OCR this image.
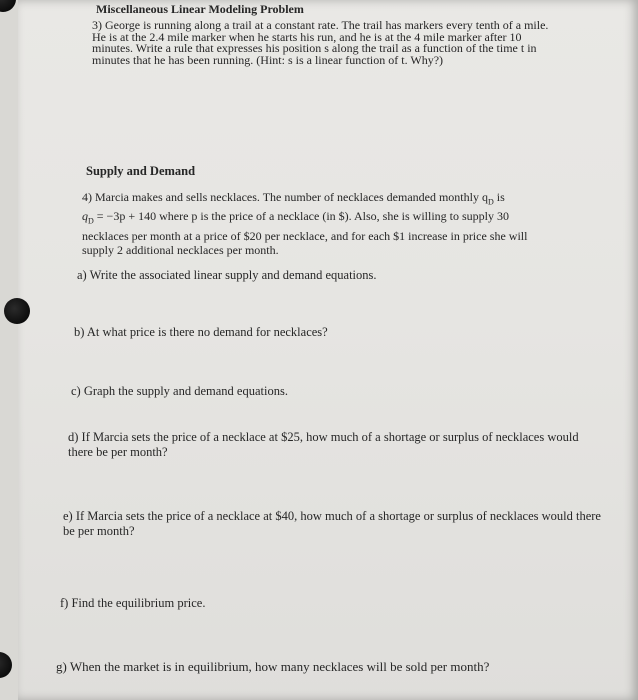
Miscellaneous Linear Modeling Problem

3) George is running along a trail at a constant rate. The trail has markers every tenth of a mile. He is at the 2.4 mile marker when he starts his run, and he is at the 4 mile marker after 10 minutes. Write a rule that expresses his position s along the trail as a function of the time t in minutes that he has been running. (Hint: s is a linear function of t. Why?)

Supply and Demand

4) Marcia makes and sells necklaces. The number of necklaces demanded monthly $q_D$ is
$q_D = -3p + 140$ where p is the price of a necklace (in $). Also, she is willing to supply 30 necklaces per month at a price of $20 per necklace, and for each $1 increase in price she will supply 2 additional necklaces per month.

a) Write the associated linear supply and demand equations.

b) At what price is there no demand for necklaces?

c) Graph the supply and demand equations.

d) If Marcia sets the price of a necklace at $25, how much of a shortage or surplus of necklaces would there be per month?

e) If Marcia sets the price of a necklace at $40, how much of a shortage or surplus of necklaces would there be per month?

f) Find the equilibrium price.

g) When the market is in equilibrium, how many necklaces will be sold per month?
